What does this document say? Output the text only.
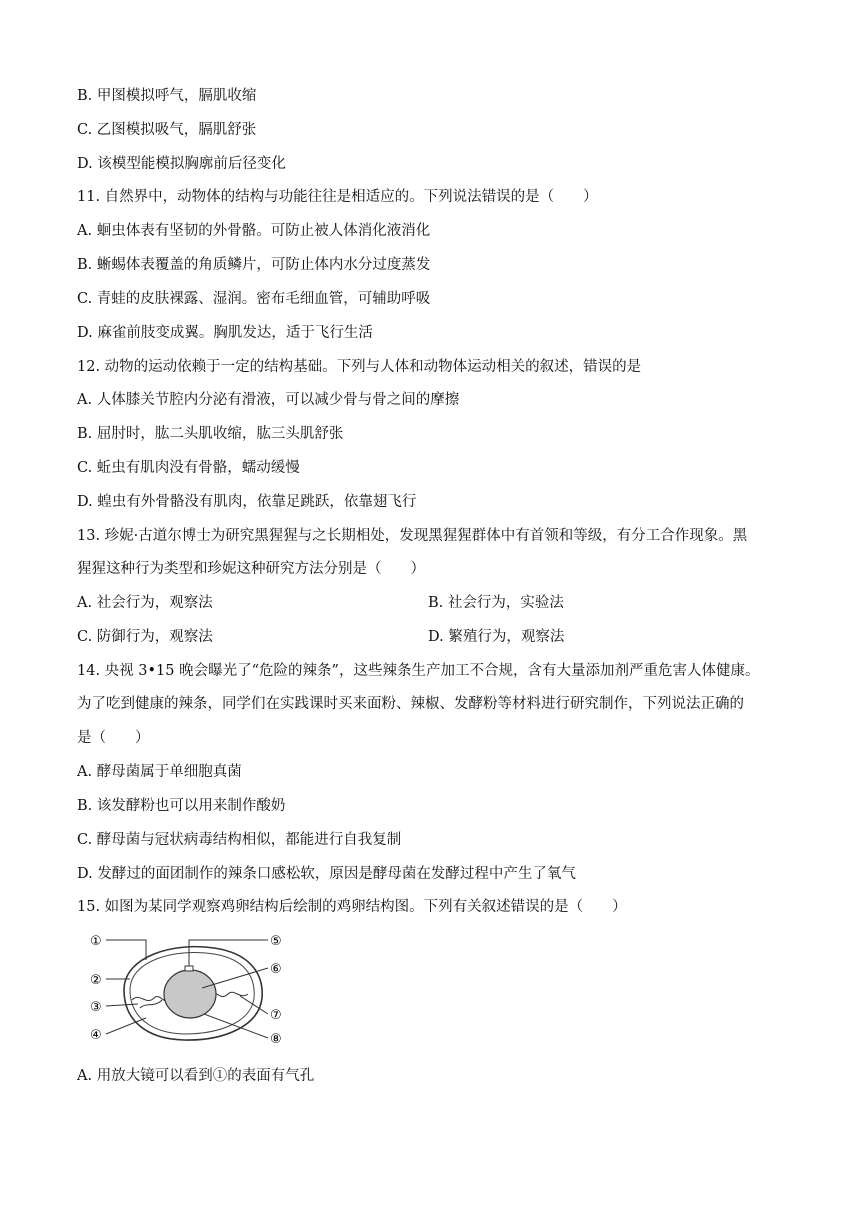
B. 甲图模拟呼气，膈肌收缩
C. 乙图模拟吸气，膈肌舒张
D. 该模型能模拟胸廓前后径变化
11. 自然界中，动物体的结构与功能往往是相适应的。下列说法错误的是（　　）
A. 蛔虫体表有坚韧的外骨骼。可防止被人体消化液消化
B. 蜥蜴体表覆盖的角质鳞片，可防止体内水分过度蒸发
C. 青蛙的皮肤裸露、湿润。密布毛细血管，可辅助呼吸
D. 麻雀前肢变成翼。胸肌发达，适于飞行生活
12. 动物的运动依赖于一定的结构基础。下列与人体和动物体运动相关的叙述，错误的是
A. 人体膝关节腔内分泌有滑液，可以减少骨与骨之间的摩擦
B. 屈肘时，肱二头肌收缩，肱三头肌舒张
C. 蚯虫有肌肉没有骨骼，蠕动缓慢
D. 蝗虫有外骨骼没有肌肉，依靠足跳跃，依靠翅飞行
13. 珍妮·古道尔博士为研究黑猩猩与之长期相处，发现黑猩猩群体中有首领和等级，有分工合作现象。黑
猩猩这种行为类型和珍妮这种研究方法分别是（　　）
A. 社会行为，观察法	B. 社会行为，实验法
C. 防御行为，观察法	D. 繁殖行为，观察法
14. 央视 3•15 晚会曝光了“危险的辣条”，这些辣条生产加工不合规，含有大量添加剂严重危害人体健康。
为了吃到健康的辣条，同学们在实践课时买来面粉、辣椒、发酵粉等材料进行研究制作，下列说法正确的
是（　　）
A. 酵母菌属于单细胞真菌
B. 该发酵粉也可以用来制作酸奶
C. 酵母菌与冠状病毒结构相似，都能进行自我复制
D. 发酵过的面团制作的辣条口感松软，原因是酵母菌在发酵过程中产生了氧气
15. 如图为某同学观察鸡卵结构后绘制的鸡卵结构图。下列有关叙述错误的是（　　）
①
②
③
④
⑤
⑥
⑦
⑧
A. 用放大镜可以看到①的表面有气孔
